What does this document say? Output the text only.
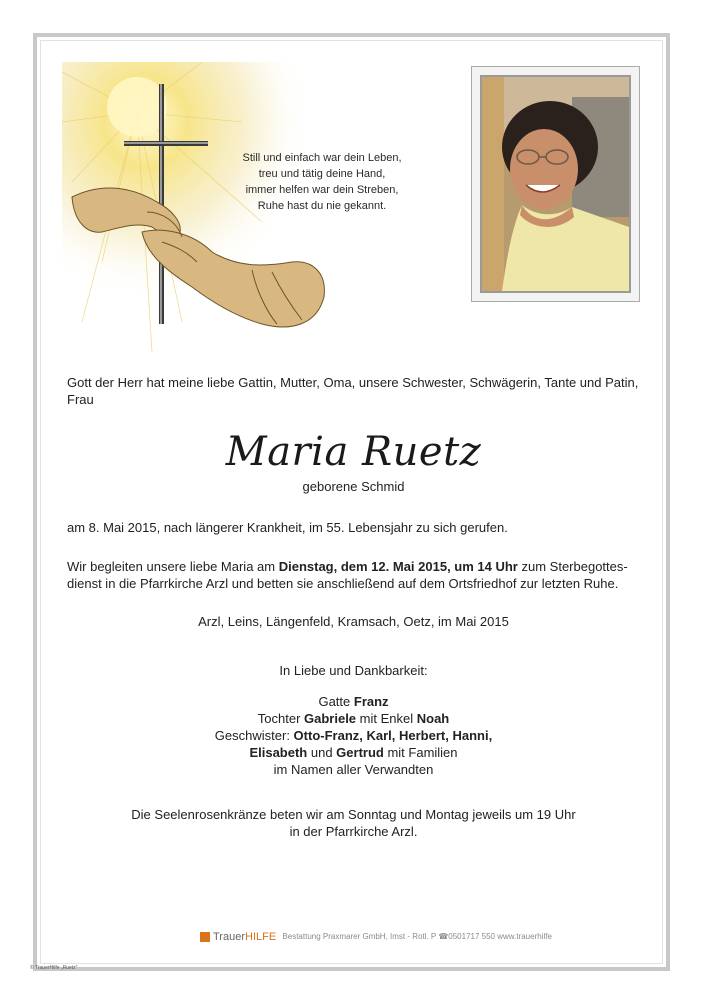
Still und einfach war dein Leben,
treu und tätig deine Hand,
immer helfen war dein Streben,
Ruhe hast du nie gekannt.
Gott der Herr hat meine liebe Gattin, Mutter, Oma, unsere Schwester, Schwägerin, Tante und Patin,
Frau
Maria Ruetz
geborene Schmid
am 8. Mai 2015, nach längerer Krankheit, im 55. Lebensjahr zu sich gerufen.
Wir begleiten unsere liebe Maria am Dienstag, dem 12. Mai 2015, um 14 Uhr zum Sterbegottes-
dienst in die Pfarrkirche Arzl und betten sie anschließend auf dem Ortsfriedhof zur letzten Ruhe.
Arzl, Leins, Längenfeld, Kramsach, Oetz, im Mai 2015
In Liebe und Dankbarkeit:
Gatte Franz
Tochter Gabriele mit Enkel Noah
Geschwister: Otto-Franz, Karl, Herbert, Hanni,
Elisabeth und Gertrud mit Familien
im Namen aller Verwandten
Die Seelenrosenkränze beten wir am Sonntag und Montag jeweils um 19 Uhr
in der Pfarrkirche Arzl.
TrauerHILFE Bestattung Praxmarer GmbH, Imst - Rotl. P ☎0501717 550 www.trauerhilfe
© TrauerHilfe „Ruetz"
